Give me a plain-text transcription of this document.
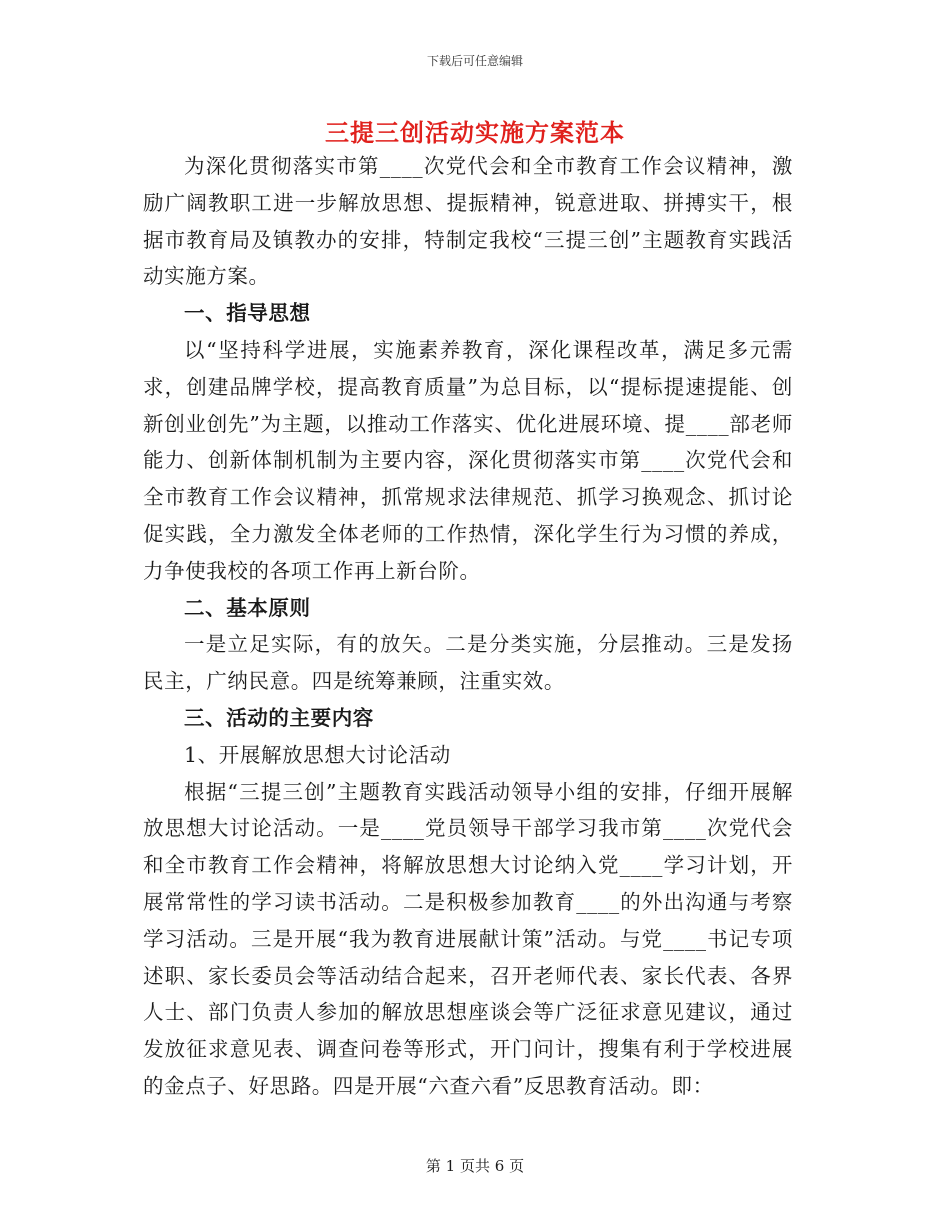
下载后可任意编辑
三提三创活动实施方案范本

为深化贯彻落实市第____次党代会和全市教育工作会议精神，激励广阔教职工进一步解放思想、提振精神，锐意进取、拼搏实干，根据市教育局及镇教办的安排，特制定我校“三提三创”主题教育实践活动实施方案。

一、指导思想

以“坚持科学进展，实施素养教育，深化课程改革，满足多元需求，创建品牌学校，提高教育质量”为总目标，以“提标提速提能、创新创业创先”为主题，以推动工作落实、优化进展环境、提____部老师能力、创新体制机制为主要内容，深化贯彻落实市第____次党代会和全市教育工作会议精神，抓常规求法律规范、抓学习换观念、抓讨论促实践，全力激发全体老师的工作热情，深化学生行为习惯的养成，力争使我校的各项工作再上新台阶。

二、基本原则

一是立足实际，有的放矢。二是分类实施，分层推动。三是发扬民主，广纳民意。四是统筹兼顾，注重实效。

三、活动的主要内容
1、开展解放思想大讨论活动

根据“三提三创”主题教育实践活动领导小组的安排，仔细开展解放思想大讨论活动。一是____党员领导干部学习我市第____次党代会和全市教育工作会精神，将解放思想大讨论纳入党____学习计划，开展常常性的学习读书活动。二是积极参加教育____的外出沟通与考察学习活动。三是开展“我为教育进展献计策”活动。与党____书记专项述职、家长委员会等活动结合起来，召开老师代表、家长代表、各界人士、部门负责人参加的解放思想座谈会等广泛征求意见建议，通过发放征求意见表、调查问卷等形式，开门问计，搜集有利于学校进展的金点子、好思路。四是开展“六查六看”反思教育活动。即：

第 1 页共 6 页
